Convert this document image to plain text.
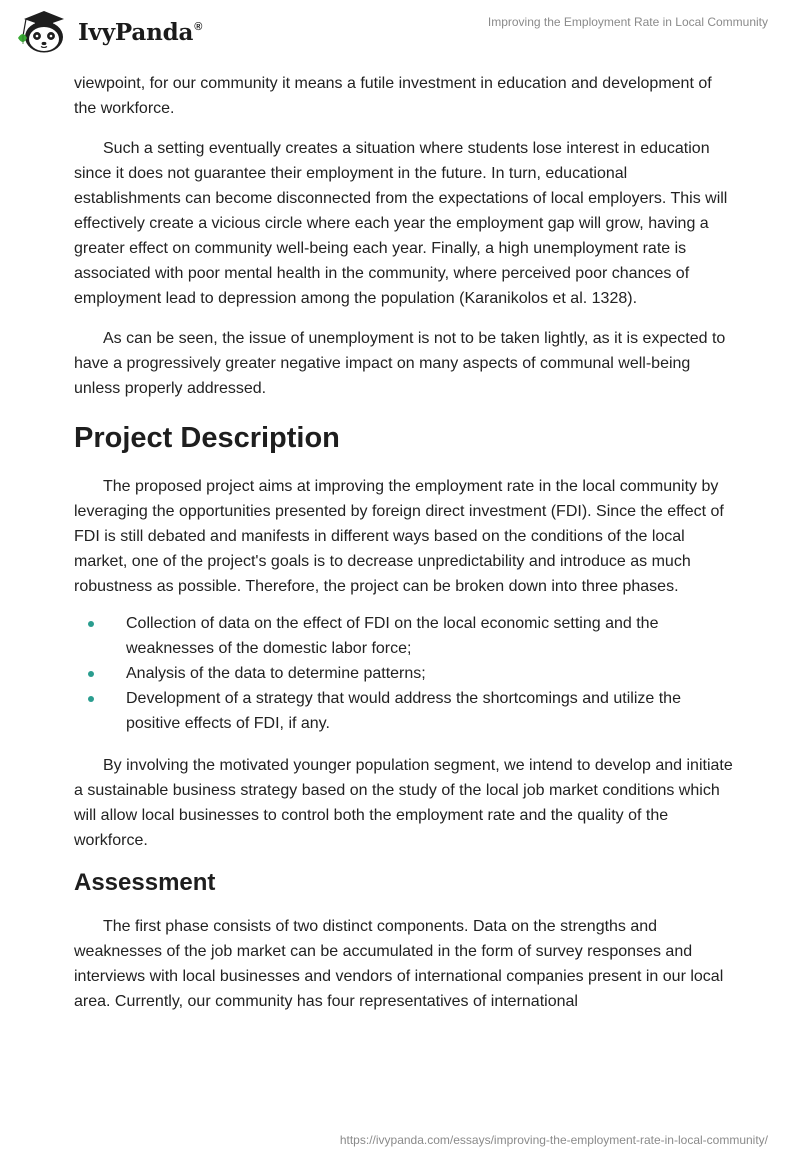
IvyPanda®	Improving the Employment Rate in Local Community

viewpoint, for our community it means a futile investment in education and development of the workforce.

Such a setting eventually creates a situation where students lose interest in education since it does not guarantee their employment in the future. In turn, educational establishments can become disconnected from the expectations of local employers. This will effectively create a vicious circle where each year the employment gap will grow, having a greater effect on community well-being each year. Finally, a high unemployment rate is associated with poor mental health in the community, where perceived poor chances of employment lead to depression among the population (Karanikolos et al. 1328).

As can be seen, the issue of unemployment is not to be taken lightly, as it is expected to have a progressively greater negative impact on many aspects of communal well-being unless properly addressed.

Project Description

The proposed project aims at improving the employment rate in the local community by leveraging the opportunities presented by foreign direct investment (FDI). Since the effect of FDI is still debated and manifests in different ways based on the conditions of the local market, one of the project's goals is to decrease unpredictability and introduce as much robustness as possible. Therefore, the project can be broken down into three phases.

Collection of data on the effect of FDI on the local economic setting and the weaknesses of the domestic labor force;
Analysis of the data to determine patterns;
Development of a strategy that would address the shortcomings and utilize the positive effects of FDI, if any.

By involving the motivated younger population segment, we intend to develop and initiate a sustainable business strategy based on the study of the local job market conditions which will allow local businesses to control both the employment rate and the quality of the workforce.

Assessment

The first phase consists of two distinct components. Data on the strengths and weaknesses of the job market can be accumulated in the form of survey responses and interviews with local businesses and vendors of international companies present in our local area. Currently, our community has four representatives of international

https://ivypanda.com/essays/improving-the-employment-rate-in-local-community/
